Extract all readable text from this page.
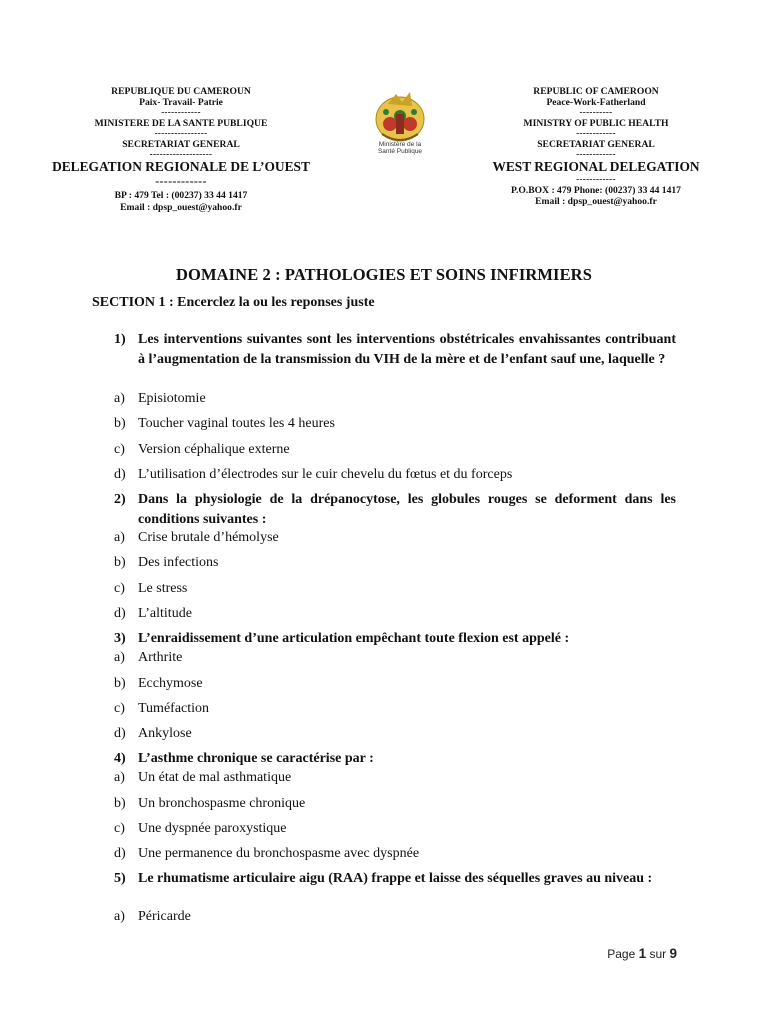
REPUBLIQUE DU CAMEROUN
Paix- Travail- Patrie
------------
MINISTERE DE LA SANTE PUBLIQUE
----------------
SECRETARIAT GENERAL
-------------------
DELEGATION REGIONALE DE L’OUEST
------------
BP : 479 Tel : (00237) 33 44 1417
Email : dpsp_ouest@yahoo.fr
Ministère de la
Santé Publique
REPUBLIC OF CAMEROON
Peace-Work-Fatherland
----------
MINISTRY OF PUBLIC HEALTH
------------
SECRETARIAT GENERAL
------------
WEST REGIONAL DELEGATION
------------
P.O.BOX : 479 Phone: (00237) 33 44 1417
Email : dpsp_ouest@yahoo.fr
DOMAINE 2 : PATHOLOGIES ET SOINS INFIRMIERS
SECTION 1 : Encerclez la ou les reponses juste
1) Les interventions suivantes sont les interventions obstétricales envahissantes contribuant à l’augmentation de la transmission du VIH de la mère et de l’enfant sauf une, laquelle ?
a) Episiotomie
b) Toucher vaginal toutes les 4 heures
c) Version céphalique externe
d) L’utilisation d’électrodes sur le cuir chevelu du fœtus et du forceps
2) Dans la physiologie de la drépanocytose, les globules rouges se deforment dans les conditions suivantes :
a) Crise brutale d’hémolyse
b) Des infections
c) Le stress
d) L’altitude
3) L’enraidissement d’une articulation empêchant toute flexion est appelé :
a) Arthrite
b) Ecchymose
c) Tuméfaction
d) Ankylose
4) L’asthme chronique se caractérise par :
a) Un état de mal asthmatique
b) Un bronchospasme chronique
c) Une dyspnée paroxystique
d) Une permanence du bronchospasme avec dyspnée
5) Le rhumatisme articulaire aigu (RAA) frappe et laisse des séquelles graves au niveau :
a) Péricarde
Page 1 sur 9
